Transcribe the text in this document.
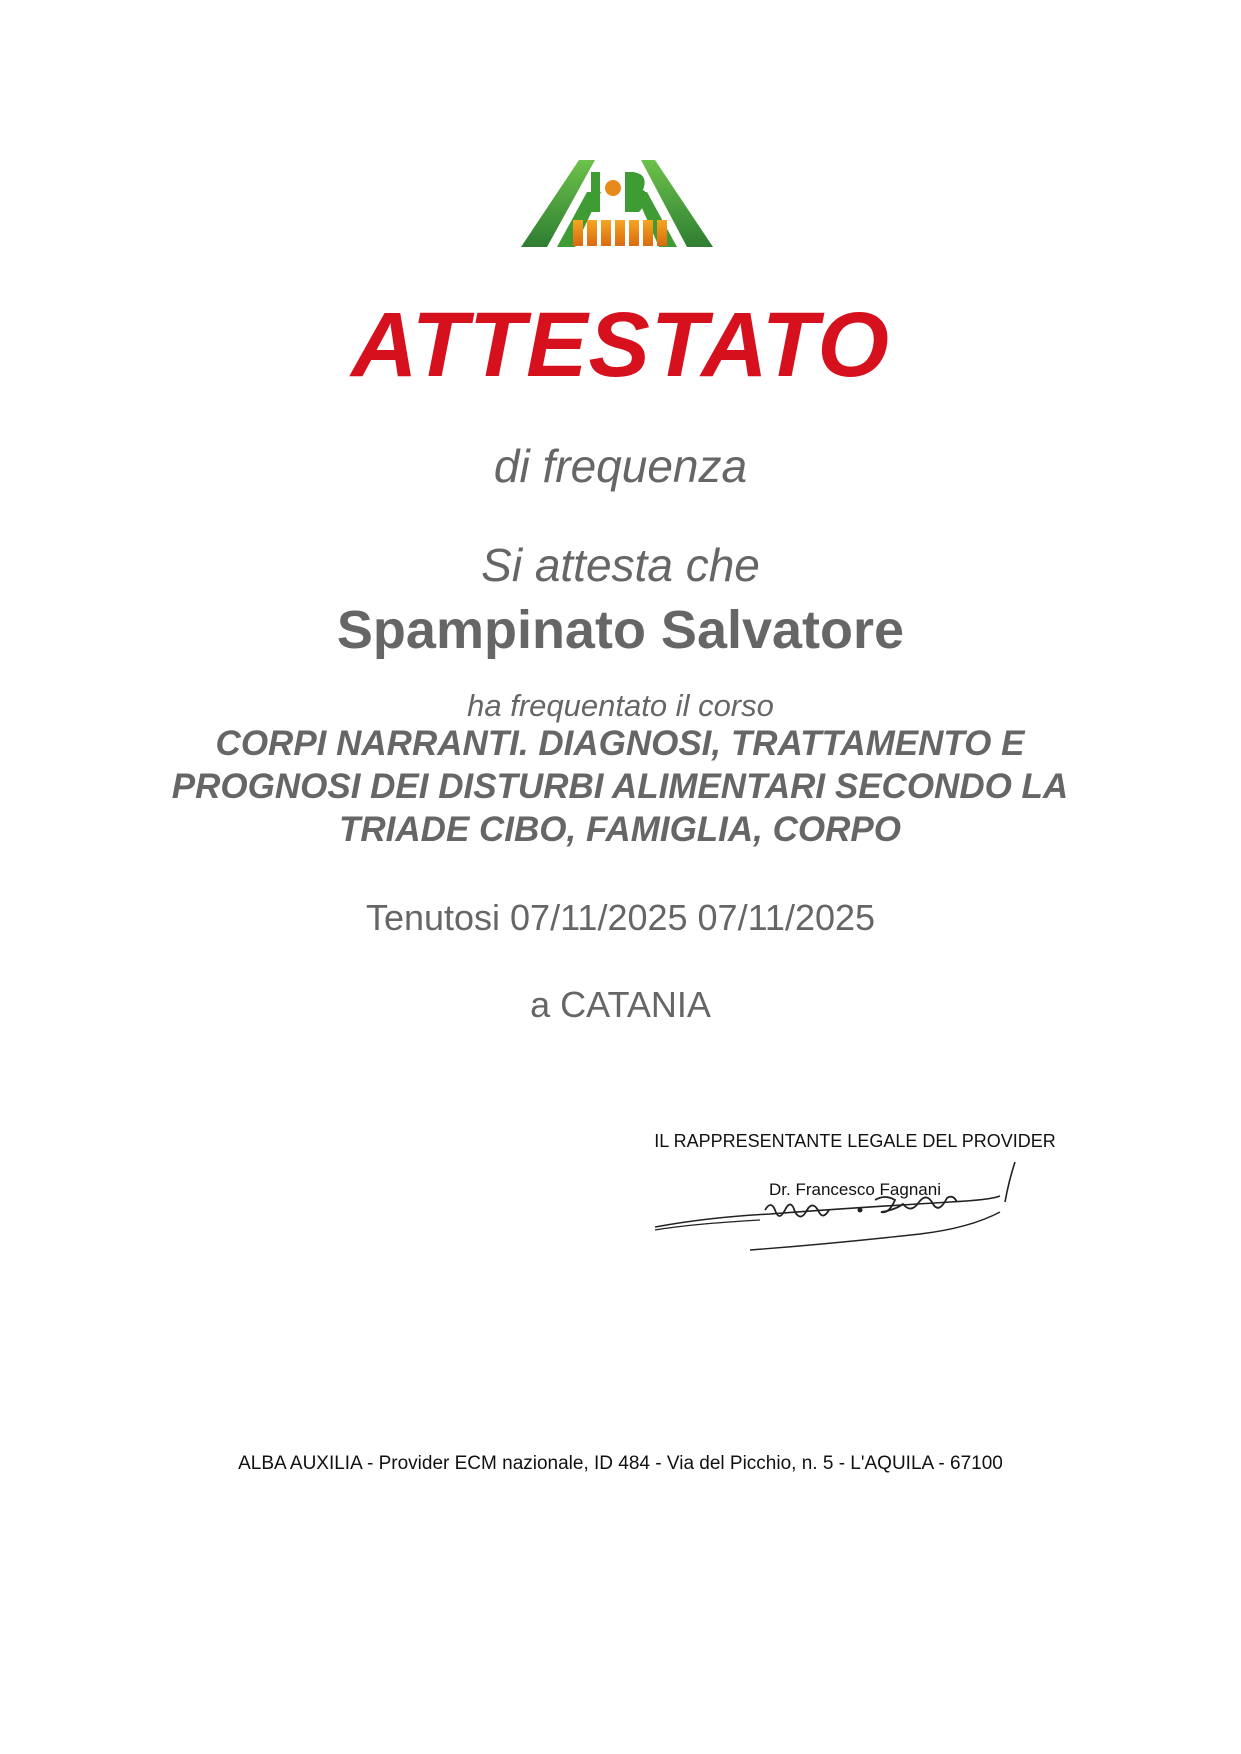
ATTESTATO
di frequenza
Si attesta che
Spampinato Salvatore
ha frequentato il corso
CORPI NARRANTI. DIAGNOSI, TRATTAMENTO E PROGNOSI DEI DISTURBI ALIMENTARI SECONDO LA TRIADE CIBO, FAMIGLIA, CORPO
Tenutosi 07/11/2025 07/11/2025
a CATANIA
IL RAPPRESENTANTE LEGALE DEL PROVIDER
Dr. Francesco Fagnani
ALBA AUXILIA - Provider ECM nazionale, ID 484 - Via del Picchio, n. 5 - L'AQUILA - 67100
